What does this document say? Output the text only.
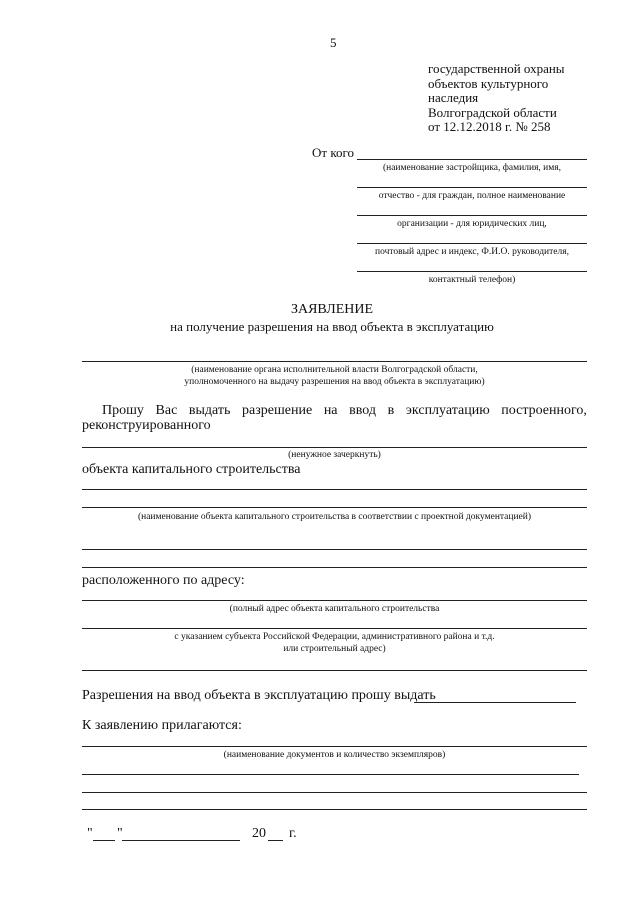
5
государственной охраны
объектов культурного
наследия
Волгоградской области
от 12.12.2018 г. № 258
От кого
(наименование застройщика, фамилия, имя,
отчество - для граждан, полное наименование
организации - для юридических лиц,
почтовый адрес и индекс, Ф.И.О. руководителя,
контактный телефон)
ЗАЯВЛЕНИЕ
на получение разрешения на ввод объекта в эксплуатацию
(наименование органа исполнительной власти Волгоградской области,
уполномоченного на выдачу разрешения на ввод объекта в эксплуатацию)
Прошу Вас выдать разрешение на ввод в эксплуатацию построенного,
реконструированного
(ненужное зачеркнуть)
объекта капитального строительства
(наименование объекта капитального строительства в соответствии с проектной документацией)
расположенного по адресу:
(полный адрес объекта капитального строительства
с указанием субъекта Российской Федерации, административного района и т.д.
или строительный адрес)
Разрешения на ввод объекта в эксплуатацию прошу выдать
К заявлению прилагаются:
(наименование документов и количество экземпляров)
" "	20 г.
